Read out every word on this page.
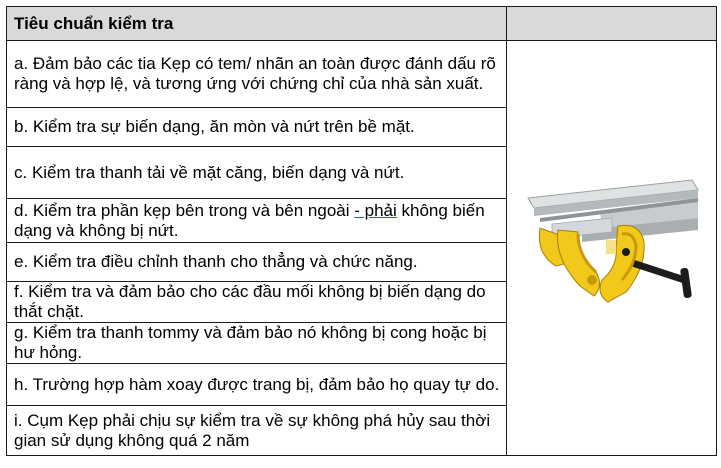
Tiêu chuẩn kiểm tra	
a. Đảm bảo các tia Kẹp có tem/ nhãn an toàn được đánh dấu rõ ràng và hợp lệ, và tương ứng với chứng chỉ của nhà sản xuất.	

b. Kiểm tra sự biến dạng, ăn mòn và nứt trên bề mặt.	
c. Kiểm tra thanh tải về mặt căng, biến dạng và nứt.	
d. Kiểm tra phần kẹp bên trong và bên ngoài - phải không biến dạng và không bị nứt.	
e. Kiểm tra điều chỉnh thanh cho thẳng và chức năng.	
f. Kiểm tra và đảm bảo cho các đầu mối không bị biến dạng do thắt chặt.	
g. Kiểm tra thanh tommy và đảm bảo nó không bị cong hoặc bị hư hỏng.	
h. Trường hợp hàm xoay được trang bị, đảm bảo họ quay tự do.	
i. Cụm Kẹp phải chịu sự kiểm tra về sự không phá hủy sau thời gian sử dụng không quá 2 năm	
